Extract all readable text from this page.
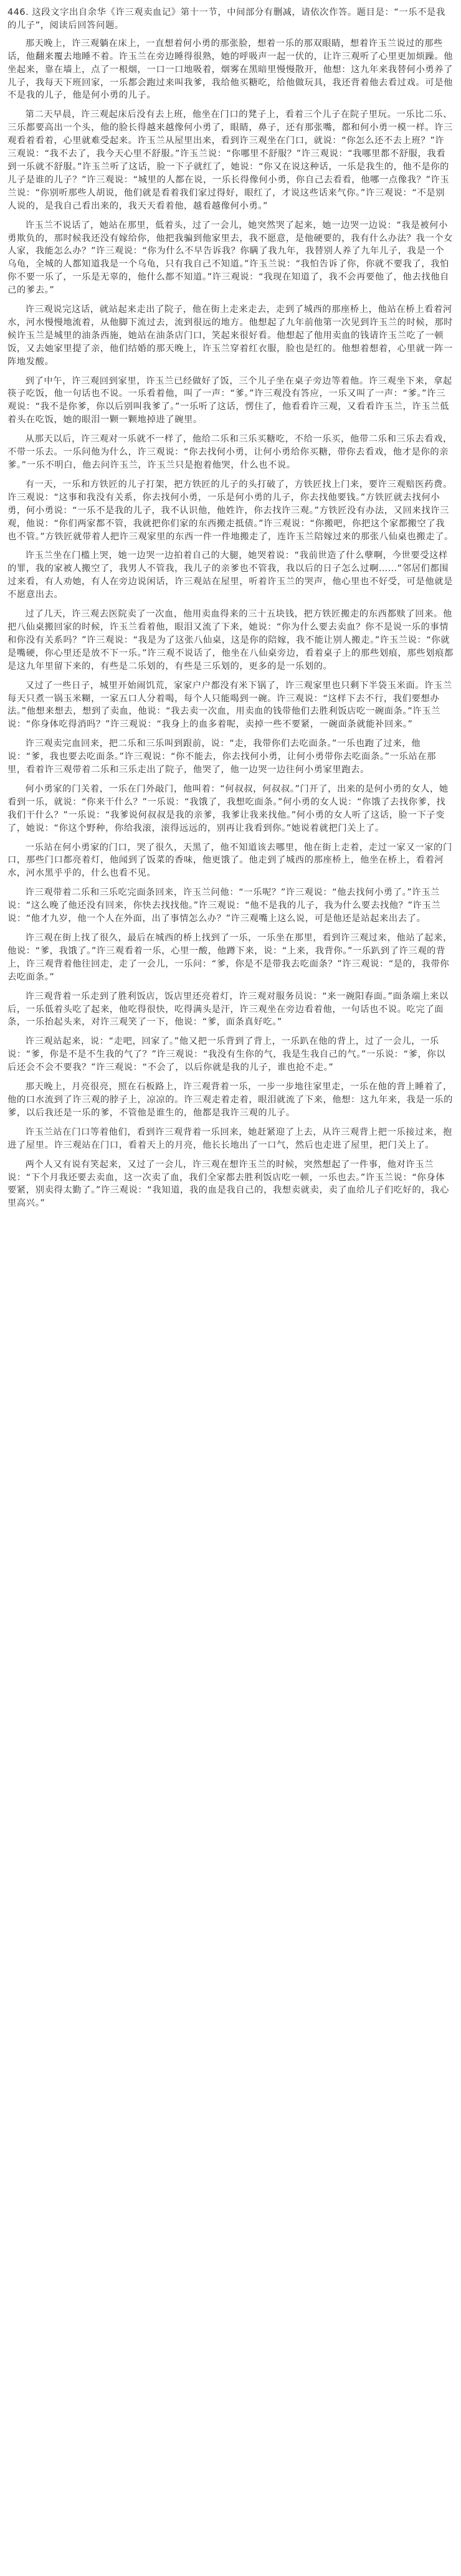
446. 这段文字出自余华《许三观卖血记》第十一节，中间部分有删减，请依次作答。题目是：“一乐不是我的儿子”，阅读后回答问题。

那天晚上，许三观躺在床上，一直想着何小勇的那张脸，想着一乐的那双眼睛，想着许玉兰说过的那些话，他翻来覆去地睡不着。许玉兰在旁边睡得很熟，她的呼吸声一起一伏的，让许三观听了心里更加烦躁。他坐起来，靠在墙上，点了一根烟，一口一口地吸着，烟雾在黑暗里慢慢散开，他想：这九年来我替何小勇养了儿子，我每天下班回家，一乐都会跑过来叫我爹，我给他买糖吃，给他做玩具，我还背着他去看过戏。可是他不是我的儿子，他是何小勇的儿子。

第二天早晨，许三观起床后没有去上班，他坐在门口的凳子上，看着三个儿子在院子里玩。一乐比二乐、三乐都要高出一个头，他的脸长得越来越像何小勇了，眼睛，鼻子，还有那张嘴，都和何小勇一模一样。许三观看着看着，心里就难受起来。许玉兰从屋里出来，看到许三观坐在门口，就说：“你怎么还不去上班？”许三观说：“我不去了，我今天心里不舒服。”许玉兰说：“你哪里不舒服？”许三观说：“我哪里都不舒服，我看到一乐就不舒服。”许玉兰听了这话，脸一下子就红了，她说：“你又在说这种话，一乐是我生的，他不是你的儿子是谁的儿子？”许三观说：“城里的人都在说，一乐长得像何小勇，你自己去看看，他哪一点像我？”许玉兰说：“你别听那些人胡说，他们就是看着我们家过得好，眼红了，才说这些话来气你。”许三观说：“不是别人说的，是我自己看出来的，我天天看着他，越看越像何小勇。”

许玉兰不说话了，她站在那里，低着头，过了一会儿，她突然哭了起来，她一边哭一边说：“我是被何小勇欺负的，那时候我还没有嫁给你，他把我骗到他家里去，我不愿意，是他硬要的，我有什么办法？我一个女人家，我能怎么办？”许三观说：“你为什么不早告诉我？你瞒了我九年，我替别人养了九年儿子，我是一个乌龟，全城的人都知道我是一个乌龟，只有我自己不知道。”许玉兰说：“我怕告诉了你，你就不要我了，我怕你不要一乐了，一乐是无辜的，他什么都不知道。”许三观说：“我现在知道了，我不会再要他了，他去找他自己的爹去。”

许三观说完这话，就站起来走出了院子，他在街上走来走去，走到了城西的那座桥上，他站在桥上看着河水，河水慢慢地流着，从他脚下流过去，流到很远的地方。他想起了九年前他第一次见到许玉兰的时候，那时候许玉兰是城里的油条西施，她站在油条店门口，笑起来很好看。他想起了他用卖血的钱请许玉兰吃了一顿饭，又去她家里提了亲，他们结婚的那天晚上，许玉兰穿着红衣服，脸也是红的。他想着想着，心里就一阵一阵地发酸。

到了中午，许三观回到家里，许玉兰已经做好了饭，三个儿子坐在桌子旁边等着他。许三观坐下来，拿起筷子吃饭，他一句话也不说。一乐看着他，叫了一声：“爹。”许三观没有答应，一乐又叫了一声：“爹。”许三观说：“我不是你爹，你以后别叫我爹了。”一乐听了这话，愣住了，他看看许三观，又看看许玉兰，许玉兰低着头在吃饭，她的眼泪一颗一颗地掉进了碗里。

从那天以后，许三观对一乐就不一样了，他给二乐和三乐买糖吃，不给一乐买，他带二乐和三乐去看戏，不带一乐去。一乐问他为什么，许三观说：“你去找何小勇，让何小勇给你买糖，带你去看戏，他才是你的亲爹。”一乐不明白，他去问许玉兰，许玉兰只是抱着他哭，什么也不说。

有一天，一乐和方铁匠的儿子打架，把方铁匠的儿子的头打破了，方铁匠找上门来，要许三观赔医药费。许三观说：“这事和我没有关系，你去找何小勇，一乐是何小勇的儿子，你去找他要钱。”方铁匠就去找何小勇，何小勇说：“一乐不是我的儿子，我不认识他，他姓许，你去找许三观。”方铁匠没有办法，又回来找许三观，他说：“你们两家都不管，我就把你们家的东西搬走抵债。”许三观说：“你搬吧，你把这个家都搬空了我也不管。”方铁匠就带着人把许三观家里的东西一件一件地搬走了，连许玉兰陪嫁过来的那张八仙桌也搬走了。

许玉兰坐在门槛上哭，她一边哭一边拍着自己的大腿，她哭着说：“我前世造了什么孽啊，今世要受这样的罪，我的家被人搬空了，我男人不管我，我儿子的亲爹也不管我，我以后的日子怎么过啊……”邻居们都围过来看，有人劝她，有人在旁边说闲话，许三观站在屋里，听着许玉兰的哭声，他心里也不好受，可是他就是不愿意出去。

过了几天，许三观去医院卖了一次血，他用卖血得来的三十五块钱，把方铁匠搬走的东西都赎了回来。他把八仙桌搬回家的时候，许玉兰看着他，眼泪又流了下来，她说：“你为什么要去卖血？你不是说一乐的事情和你没有关系吗？”许三观说：“我是为了这张八仙桌，这是你的陪嫁，我不能让别人搬走。”许玉兰说：“你就是嘴硬，你心里还是放不下一乐。”许三观不说话了，他坐在八仙桌旁边，看着桌子上的那些划痕，那些划痕都是这九年里留下来的，有些是二乐划的，有些是三乐划的，更多的是一乐划的。

又过了一些日子，城里开始闹饥荒，家家户户都没有米下锅了，许三观家里也只剩下半袋玉米面。许玉兰每天只煮一锅玉米糊，一家五口人分着喝，每个人只能喝到一碗。许三观说：“这样下去不行，我们要想办法。”他想来想去，想到了卖血，他说：“我去卖一次血，用卖血的钱带他们去胜利饭店吃一碗面条。”许玉兰说：“你身体吃得消吗？”许三观说：“我身上的血多着呢，卖掉一些不要紧，一碗面条就能补回来。”

许三观卖完血回来，把二乐和三乐叫到跟前，说：“走，我带你们去吃面条。”一乐也跑了过来，他说：“爹，我也要去吃面条。”许三观说：“你不能去，你去找何小勇，让何小勇带你去吃面条。”一乐站在那里，看着许三观带着二乐和三乐走出了院子，他哭了，他一边哭一边往何小勇家里跑去。

何小勇家的门关着，一乐在门外敲门，他叫着：“何叔叔，何叔叔。”门开了，出来的是何小勇的女人，她看到一乐，就说：“你来干什么？”一乐说：“我饿了，我想吃面条。”何小勇的女人说：“你饿了去找你爹，找我们干什么？”一乐说：“我爹说何叔叔是我的亲爹，我爹让我来找他。”何小勇的女人听了这话，脸一下子变了，她说：“你这个野种，你给我滚，滚得远远的，别再让我看到你。”她说着就把门关上了。

一乐站在何小勇家的门口，哭了很久，天黑了，他不知道该去哪里，他在街上走着，走过一家又一家的门口，那些门口都亮着灯，他闻到了饭菜的香味，他更饿了。他走到了城西的那座桥上，他坐在桥上，看着河水，河水黑乎乎的，什么也看不见。

许三观带着二乐和三乐吃完面条回来，许玉兰问他：“一乐呢？”许三观说：“他去找何小勇了。”许玉兰说：“这么晚了他还没有回来，你快去找找他。”许三观说：“他不是我的儿子，我为什么要去找他？”许玉兰说：“他才九岁，他一个人在外面，出了事情怎么办？”许三观嘴上这么说，可是他还是站起来出去了。

许三观在街上找了很久，最后在城西的桥上找到了一乐，一乐坐在那里，看到许三观过来，他站了起来，他说：“爹，我饿了。”许三观看着一乐，心里一酸，他蹲下来，说：“上来，我背你。”一乐趴到了许三观的背上，许三观背着他往回走，走了一会儿，一乐问：“爹，你是不是带我去吃面条？”许三观说：“是的，我带你去吃面条。”

许三观背着一乐走到了胜利饭店，饭店里还亮着灯，许三观对服务员说：“来一碗阳春面。”面条端上来以后，一乐低着头吃了起来，他吃得很快，吃得满头是汗，许三观坐在旁边看着他，一句话也不说。吃完了面条，一乐抬起头来，对许三观笑了一下，他说：“爹，面条真好吃。”

许三观站起来，说：“走吧，回家了。”他又把一乐背到了背上，一乐趴在他的背上，过了一会儿，一乐说：“爹，你是不是不生我的气了？”许三观说：“我没有生你的气，我是生我自己的气。”一乐说：“爹，你以后还会不会不要我？”许三观说：“不会了，以后你就是我的儿子，谁也抢不走。”

那天晚上，月亮很亮，照在石板路上，许三观背着一乐，一步一步地往家里走，一乐在他的背上睡着了，他的口水流到了许三观的脖子上，凉凉的。许三观走着走着，眼泪就流了下来，他想：这九年来，我是一乐的爹，以后我还是一乐的爹，不管他是谁生的，他都是我许三观的儿子。

许玉兰站在门口等着他们，看到许三观背着一乐回来，她赶紧迎了上去，从许三观背上把一乐接过来，抱进了屋里。许三观站在门口，看着天上的月亮，他长长地出了一口气，然后也走进了屋里，把门关上了。

两个人又有说有笑起来，又过了一会儿，许三观在想许玉兰的时候，突然想起了一件事，他对许玉兰说：“下个月我还要去卖血，这一次卖了血，我们全家都去胜利饭店吃一顿，一乐也去。”许玉兰说：“你身体要紧，别卖得太勤了。”许三观说：“我知道，我的血是我自己的，我想卖就卖，卖了血给儿子们吃好的，我心里高兴。”
